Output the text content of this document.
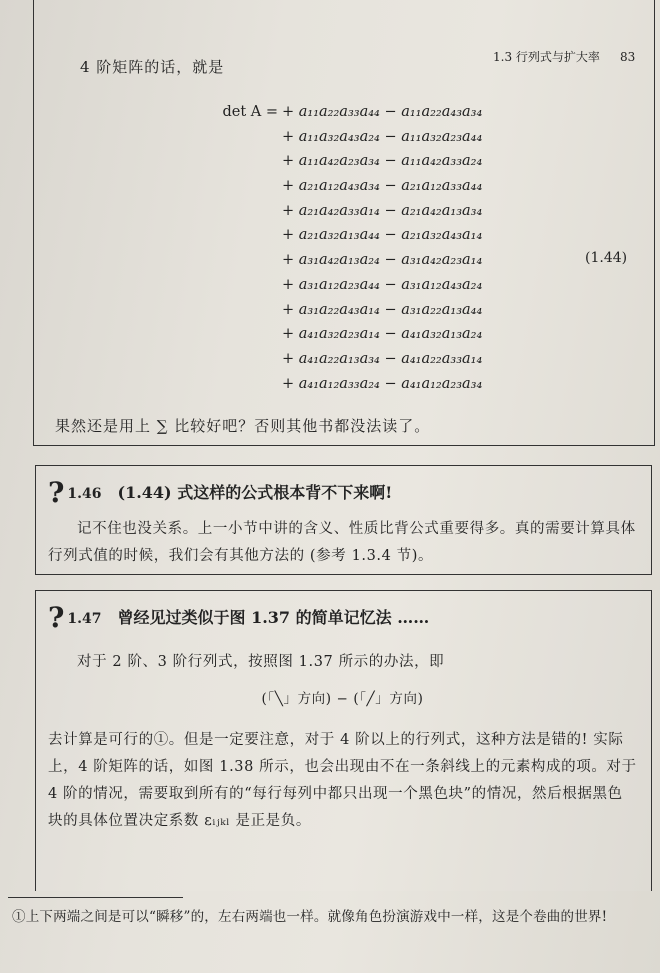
1.3 行列式与扩大率 83
4 阶矩阵的话，就是
det A =+ a₁₁a₂₂a₃₃a₄₄ − a₁₁a₂₂a₄₃a₃₄
+ a₁₁a₃₂a₄₃a₂₄ − a₁₁a₃₂a₂₃a₄₄
+ a₁₁a₄₂a₂₃a₃₄ − a₁₁a₄₂a₃₃a₂₄
+ a₂₁a₁₂a₄₃a₃₄ − a₂₁a₁₂a₃₃a₄₄
+ a₂₁a₄₂a₃₃a₁₄ − a₂₁a₄₂a₁₃a₃₄
+ a₂₁a₃₂a₁₃a₄₄ − a₂₁a₃₂a₄₃a₁₄
+ a₃₁a₄₂a₁₃a₂₄ − a₃₁a₄₂a₂₃a₁₄
+ a₃₁a₁₂a₂₃a₄₄ − a₃₁a₁₂a₄₃a₂₄
+ a₃₁a₂₂a₄₃a₁₄ − a₃₁a₂₂a₁₃a₄₄
+ a₄₁a₃₂a₂₃a₁₄ − a₄₁a₃₂a₁₃a₂₄
+ a₄₁a₂₂a₁₃a₃₄ − a₄₁a₂₂a₃₃a₁₄
+ a₄₁a₁₂a₃₃a₂₄ − a₄₁a₁₂a₂₃a₃₄
(1.44)
果然还是用上 ∑ 比较好吧？否则其他书都没法读了。
? 1.46 (1.44) 式这样的公式根本背不下来啊!
记不住也没关系。上一小节中讲的含义、性质比背公式重要得多。真的需要计算具体行列式值的时候，我们会有其他方法的 (参考 1.3.4 节)。
? 1.47 曾经见过类似于图 1.37 的简单记忆法 ……
对于 2 阶、3 阶行列式，按照图 1.37 所示的办法，即
(「╲」方向) − (「╱」方向)
去计算是可行的①。但是一定要注意，对于 4 阶以上的行列式，这种方法是错的! 实际上，4 阶矩阵的话，如图 1.38 所示，也会出现由不在一条斜线上的元素构成的项。对于 4 阶的情况，需要取到所有的“每行每列中都只出现一个黑色块”的情况，然后根据黑色块的具体位置决定系数 εᵢⱼₖₗ 是正是负。
①上下两端之间是可以“瞬移”的，左右两端也一样。就像角色扮演游戏中一样，这是个卷曲的世界!
